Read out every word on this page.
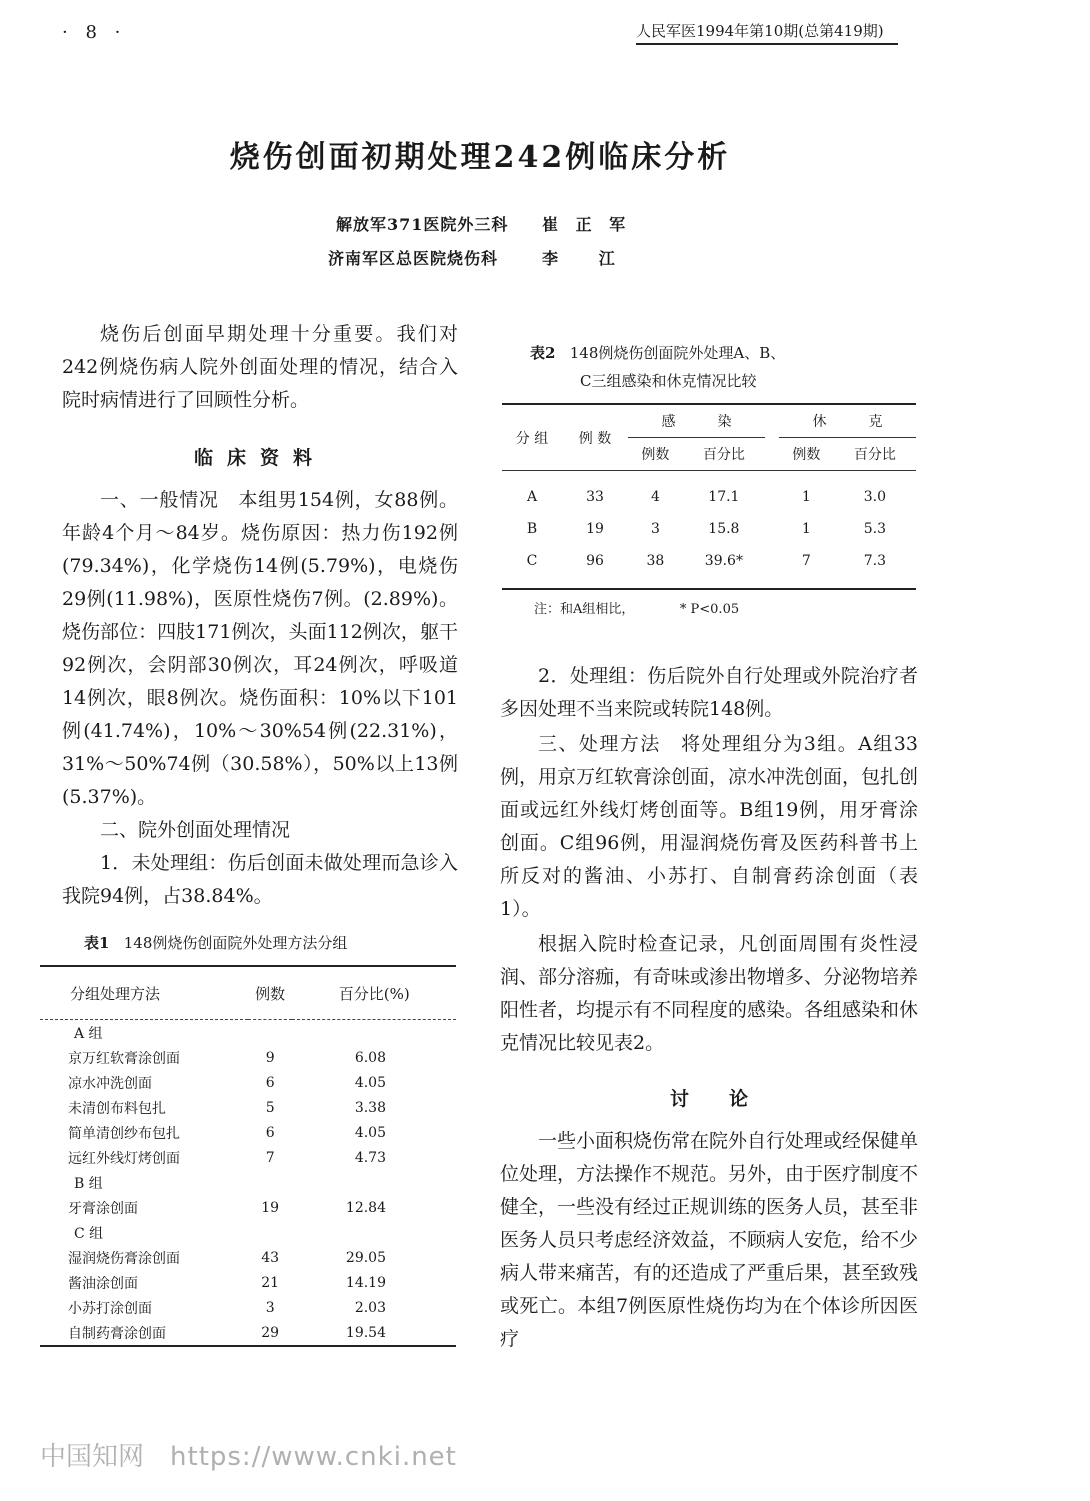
· 8 ·	人民军医1994年第10期(总第419期)
烧伤创面初期处理242例临床分析
解放军371医院外三科 崔 正 军
济南军区总医院烧伤科	李   江
烧伤后创面早期处理十分重要。我们对242例烧伤病人院外创面处理的情况，结合入院时病情进行了回顾性分析。
临床资料
一、一般情况　本组男154例，女88例。年龄4个月～84岁。烧伤原因：热力伤192例(79.34%)，化学烧伤14例(5.79%)，电烧伤29例(11.98%)，医原性烧伤7例。(2.89%)。烧伤部位：四肢171例次，头面112例次，躯干92例次，会阴部30例次，耳24例次，呼吸道14例次，眼8例次。烧伤面积：10%以下101例(41.74%)，10%～30%54例(22.31%)，31%～50%74例（30.58%），50%以上13例(5.37%)。
二、院外创面处理情况
1．未处理组：伤后创面未做处理而急诊入我院94例，占38.84%。
表1 148例烧伤创面院外处理方法分组
分组处理方法	例数	百分比(%)
A 组		
京万红软膏涂创面	9	6.08
凉水冲洗创面	6	4.05
未清创布料包扎	5	3.38
简单清创纱布包扎	6	4.05
远红外线灯烤创面	7	4.73
B 组		
牙膏涂创面	19	12.84
C 组		
湿润烧伤膏涂创面	43	29.05
酱油涂创面	21	14.19
小苏打涂创面	3	2.03
自制药膏涂创面	29	19.54
表2 148例烧伤创面院外处理A、B、
C三组感染和休克情况比较
分 组	例 数	感　　　染			休　　　克	
		例数	百分比		例数	百分比

A	33	4	17.1		1	3.0
B	19	3	15.8		1	5.3
C	96	38	39.6*		7	7.3

注：和A组相比，　　　　* P<0.05
2．处理组：伤后院外自行处理或外院治疗者多因处理不当来院或转院148例。
三、处理方法　将处理组分为3组。A组33例，用京万红软膏涂创面，凉水冲洗创面，包扎创面或远红外线灯烤创面等。B组19例，用牙膏涂创面。C组96例，用湿润烧伤膏及医药科普书上所反对的酱油、小苏打、自制膏药涂创面（表1）。
根据入院时检查记录，凡创面周围有炎性浸润、部分溶痂，有奇味或渗出物增多、分泌物培养阳性者，均提示有不同程度的感染。各组感染和休克情况比较见表2。
讨论
一些小面积烧伤常在院外自行处理或经保健单位处理，方法操作不规范。另外，由于医疗制度不健全，一些没有经过正规训练的医务人员，甚至非医务人员只考虑经济效益，不顾病人安危，给不少病人带来痛苦，有的还造成了严重后果，甚至致残或死亡。本组7例医原性烧伤均为在个体诊所因医疗
中国知网 https://www.cnki.net
